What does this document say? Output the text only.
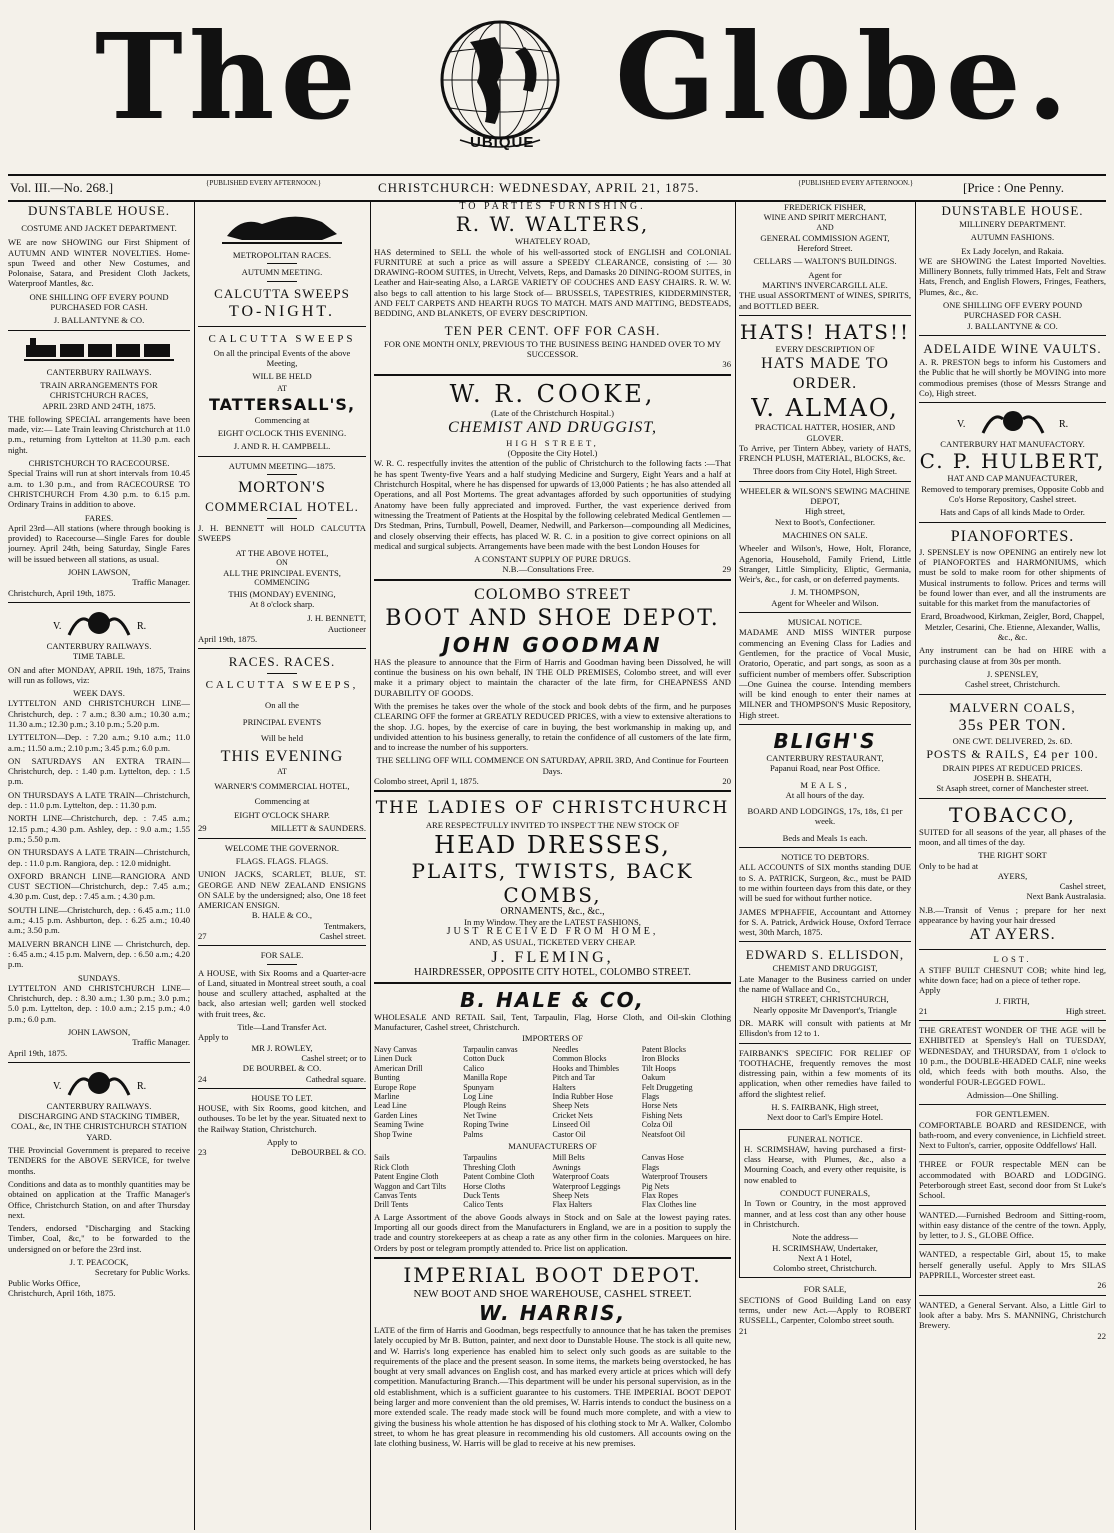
The	UBIQUE Globe.
Vol. III.—No. 268.]	{PUBLISHED EVERY AFTERNOON.}	CHRISTCHURCH: WEDNESDAY, APRIL 21, 1875.	{PUBLISHED EVERY AFTERNOON.}	[Price : One Penny.
DUNSTABLE HOUSE.
COSTUME AND JACKET DEPARTMENT.
WE are now SHOWING our First Shipment of AUTUMN AND WINTER NOVELTIES. Home-spun Tweed and other New Costumes, and Polonaise, Satara, and President Cloth Jackets, Waterproof Mantles, &c.
ONE SHILLING OFF EVERY POUND PURCHASED FOR CASH.
J. BALLANTYNE & CO.
CANTERBURY RAILWAYS.
TRAIN ARRANGEMENTS FOR CHRISTCHURCH RACES,
APRIL 23RD AND 24TH, 1875.
THE following SPECIAL arrangements have been made, viz:— Late Train leaving Christchurch at 11.0 p.m., returning from Lyttelton at 11.30 p.m. each night.
CHRISTCHURCH TO RACECOURSE.
Special Trains will run at short intervals from 10.45 a.m. to 1.30 p.m., and from RACECOURSE TO CHRISTCHURCH From 4.30 p.m. to 6.15 p.m. Ordinary Trains in addition to above.
FARES.
April 23rd—All stations (where through booking is provided) to Racecourse—Single Fares for double journey. April 24th, being Saturday, Single Fares will be issued between all stations, as usual.
JOHN LAWSON,
Traffic Manager.
Christchurch, April 19th, 1875.
V.	R.
CANTERBURY RAILWAYS.
TIME TABLE.
ON and after MONDAY, APRIL 19th, 1875, Trains will run as follows, viz:
WEEK DAYS.
LYTTELTON AND CHRISTCHURCH LINE—Christchurch, dep. : 7 a.m.; 8.30 a.m.; 10.30 a.m.; 11.30 a.m.; 12.30 p.m.; 3.10 p.m.; 5.20 p.m.
LYTTELTON—Dep. : 7.20 a.m.; 9.10 a.m.; 11.0 a.m.; 11.50 a.m.; 2.10 p.m.; 3.45 p.m.; 6.0 p.m.
ON SATURDAYS AN EXTRA TRAIN—Christchurch, dep. : 1.40 p.m. Lyttelton, dep. : 1.5 p.m.
ON THURSDAYS A LATE TRAIN—Christchurch, dep. : 11.0 p.m. Lyttelton, dep. : 11.30 p.m.
NORTH LINE—Christchurch, dep. : 7.45 a.m.; 12.15 p.m.; 4.30 p.m. Ashley, dep. : 9.0 a.m.; 1.55 p.m.; 5.50 p.m.
ON THURSDAYS A LATE TRAIN—Christchurch, dep. : 11.0 p.m. Rangiora, dep. : 12.0 midnight.
OXFORD BRANCH LINE—RANGIORA AND CUST SECTION—Christchurch, dep.: 7.45 a.m.; 4.30 p.m. Cust, dep. : 7.45 a.m. ; 4.30 p.m.
SOUTH LINE—Christchurch, dep. : 6.45 a.m.; 11.0 a.m.; 4.15 p.m. Ashburton, dep. : 6.25 a.m.; 10.40 a.m.; 3.50 p.m.
MALVERN BRANCH LINE — Christchurch, dep. : 6.45 a.m.; 4.15 p.m. Malvern, dep. : 6.50 a.m.; 4.20 p.m.
SUNDAYS.
LYTTELTON AND CHRISTCHURCH LINE—Christchurch, dep. : 8.30 a.m.; 1.30 p.m.; 3.0 p.m.; 5.0 p.m. Lyttelton, dep. : 10.0 a.m.; 2.15 p.m.; 4.0 p.m.; 6.0 p.m.
JOHN LAWSON,
Traffic Manager.
April 19th, 1875.
V.	R.
CANTERBURY RAILWAYS.
DISCHARGING AND STACKING TIMBER, COAL, &c, IN THE CHRISTCHURCH STATION YARD.
THE Provincial Government is prepared to receive TENDERS for the ABOVE SERVICE, for twelve months.
Conditions and data as to monthly quantities may be obtained on application at the Traffic Manager's Office, Christchurch Station, on and after Thursday next.
Tenders, endorsed "Discharging and Stacking Timber, Coal, &c," to be forwarded to the undersigned on or before the 23rd inst.
J. T. PEACOCK,
Secretary for Public Works.
Public Works Office,
Christchurch, April 16th, 1875.
METROPOLITAN RACES.
AUTUMN MEETING.
CALCUTTA SWEEPS
TO-NIGHT.
CALCUTTA SWEEPS
On all the principal Events of the above Meeting,
WILL BE HELD
AT
TATTERSALL'S,
Commencing at
EIGHT O'CLOCK THIS EVENING.
J. AND R. H. CAMPBELL.
AUTUMN MEETING—1875.
MORTON'S
COMMERCIAL HOTEL.
J. H. BENNETT will HOLD CALCUTTA SWEEPS
AT THE ABOVE HOTEL,
ON
ALL THE PRINCIPAL EVENTS,
COMMENCING
THIS (MONDAY) EVENING,
At 8 o'clock sharp.
J. H. BENNETT,
Auctioneer
April 19th, 1875.
RACES. RACES.
CALCUTTA SWEEPS,
On all the
PRINCIPAL EVENTS
Will be held
THIS EVENING
AT
WARNER'S COMMERCIAL HOTEL,
Commencing at
EIGHT O'CLOCK SHARP.
29	MILLETT & SAUNDERS.
WELCOME THE GOVERNOR.
FLAGS. FLAGS. FLAGS.
UNION JACKS, SCARLET, BLUE, ST. GEORGE AND NEW ZEALAND ENSIGNS ON SALE by the undersigned; also, One 18 feet AMERICAN ENSIGN.
B. HALE & CO.,
Tentmakers,
27	Cashel street.
FOR SALE.
A HOUSE, with Six Rooms and a Quarter-acre of Land, situated in Montreal street south, a coal house and scullery attached, asphalted at the back, also artesian well; garden well stocked with fruit trees, &c.
Title—Land Transfer Act.
Apply to
MR J. ROWLEY,
Cashel street; or to
DE BOURBEL & CO.
24	Cathedral square.
HOUSE TO LET.
HOUSE, with Six Rooms, good kitchen, and outhouses. To be let by the year. Situated next to the Railway Station, Christchurch.
Apply to
23	DeBOURBEL & CO.
TO PARTIES FURNISHING.
R. W. WALTERS,
WHATELEY ROAD,
HAS determined to SELL the whole of his well-assorted stock of ENGLISH and COLONIAL FURNITURE at such a price as will assure a SPEEDY CLEARANCE, consisting of :— 30 DRAWING-ROOM SUITES, in Utrecht, Velvets, Reps, and Damasks 20 DINING-ROOM SUITES, in Leather and Hair-seating Also, a LARGE VARIETY OF COUCHES AND EASY CHAIRS. R. W. W. also begs to call attention to his large Stock of— BRUSSELS, TAPESTRIES, KIDDERMINSTER, AND FELT CARPETS AND HEARTH RUGS TO MATCH. MATS AND MATTING, BEDSTEADS, BEDDING, AND BLANKETS, OF EVERY DESCRIPTION.
TEN PER CENT. OFF FOR CASH.
FOR ONE MONTH ONLY, PREVIOUS TO THE BUSINESS BEING HANDED OVER TO MY SUCCESSOR.
36
W. R. COOKE,
(Late of the Christchurch Hospital.)
CHEMIST AND DRUGGIST,
HIGH STREET,
(Opposite the City Hotel.)
W. R. C. respectfully invites the attention of the public of Christchurch to the following facts :—That he has spent Twenty-five Years and a half studying Medicine and Surgery, Eight Years and a half at Christchurch Hospital, where he has dispensed for upwards of 13,000 Patients ; he has also attended all Operations, and all Post Mortems. The great advantages afforded by such opportunities of studying Anatomy have been fully appreciated and improved. Further, the vast experience derived from witnessing the Treatment of Patients at the Hospital by the following celebrated Medical Gentlemen —Drs Stedman, Prins, Turnbull, Powell, Deamer, Nedwill, and Parkerson—compounding all Medicines, and closely observing their effects, has placed W. R. C. in a position to give correct opinions on all medical and surgical subjects. Arrangements have been made with the best London Houses for
A CONSTANT SUPPLY OF PURE DRUGS.
N.B.—Consultations Free.	29
COLOMBO STREET
BOOT AND SHOE DEPOT.
JOHN GOODMAN
HAS the pleasure to announce that the Firm of Harris and Goodman having been Dissolved, he will continue the business on his own behalf, IN THE OLD PREMISES, Colombo street, and will ever make it a primary object to maintain the character of the late firm, for CHEAPNESS AND DURABILITY OF GOODS.
With the premises he takes over the whole of the stock and book debts of the firm, and he purposes CLEARING OFF the former at GREATLY REDUCED PRICES, with a view to extensive alterations to the shop. J.G. hopes, by the exercise of care in buying, the best workmanship in making up, and undivided attention to his business generally, to retain the confidence of all customers of the late firm, and to increase the number of his supporters.
THE SELLING OFF WILL COMMENCE ON SATURDAY, APRIL 3RD, And Continue for Fourteen Days.
Colombo street, April 1, 1875.	20
THE LADIES OF CHRISTCHURCH
ARE RESPECTFULLY INVITED TO INSPECT THE NEW STOCK OF
HEAD DRESSES,
PLAITS, TWISTS, BACK COMBS,
ORNAMENTS, &c., &c.,
In my Window. They are the LATEST FASHIONS,
JUST RECEIVED FROM HOME,
AND, AS USUAL, TICKETED VERY CHEAP.
J. FLEMING,
HAIRDRESSER, OPPOSITE CITY HOTEL, COLOMBO STREET.
B. HALE & CO,
WHOLESALE AND RETAIL Sail, Tent, Tarpaulin, Flag, Horse Cloth, and Oil-skin Clothing Manufacturer, Cashel street, Christchurch.
IMPORTERS OF
Navy Canvas	Tarpaulin canvas	Needles	Patent Blocks
Linen Duck	Cotton Duck	Common Blocks	Iron Blocks
American Drill	Calico	Hooks and Thimbles	Tilt Hoops
Bunting	Manilla Rope	Pitch and Tar	Oakum
Europe Rope	Spunyarn	Halters	Felt Druggeting
Marline	Log Line	India Rubber Hose	Flags
Lead Line	Plough Reins	Sheep Nets	Horse Nets
Garden Lines	Net Twine	Cricket Nets	Fishing Nets
Seaming Twine	Roping Twine	Linseed Oil	Colza Oil
Shop Twine	Palms	Castor Oil	Neatsfoot Oil
MANUFACTURERS OF
Sails	Tarpaulins	Mill Belts	Canvas Hose
Rick Cloth	Threshing Cloth	Awnings	Flags
Patent Engine Cloth	Patent Combine Cloth	Waterproof Coats	Waterproof Trousers
Waggon and Cart Tilts	Horse Cloths	Waterproof Leggings	Pig Nets
Canvas Tents	Duck Tents	Sheep Nets	Flax Ropes
Drill Tents	Calico Tents	Flax Halters	Flax Clothes line
A Large Assortment of the above Goods always in Stock and on Sale at the lowest paying rates. Importing all our goods direct from the Manufacturers in England, we are in a position to supply the trade and country storekeepers at as cheap a rate as any other firm in the colonies. Marquees on hire. Orders by post or telegram promptly attended to. Price list on application.
IMPERIAL BOOT DEPOT.
NEW BOOT AND SHOE WAREHOUSE, CASHEL STREET.
W. HARRIS,
LATE of the firm of Harris and Goodman, begs respectfully to announce that he has taken the premises lately occupied by Mr B. Button, painter, and next door to Dunstable House. The stock is all quite new, and W. Harris's long experience has enabled him to select only such goods as are suitable to the requirements of the place and the present season. In some items, the markets being overstocked, he has bought at very small advances on English cost, and has marked every article at prices which will defy competition. Manufacturing Branch.—This department will be under his personal supervision, as in the old establishment, which is a sufficient guarantee to his customers. THE IMPERIAL BOOT DEPOT being larger and more convenient than the old premises, W. Harris intends to conduct the business on a more extended scale. The ready made stock will be found much more complete, and with a view to giving the business his whole attention he has disposed of his clothing stock to Mr A. Walker, Colombo street, to whom he has great pleasure in recommending his old customers. All accounts owing on the late clothing business, W. Harris will be glad to receive at his new premises.
FREDERICK FISHER,
WINE AND SPIRIT MERCHANT,
AND
GENERAL COMMISSION AGENT,
Hereford Street.
CELLARS — WALTON'S BUILDINGS.
Agent for
MARTIN'S INVERCARGILL ALE.
THE usual ASSORTMENT of WINES, SPIRITS, and BOTTLED BEER.
HATS! HATS!!
EVERY DESCRIPTION OF
HATS MADE TO ORDER.
V. ALMAO,
PRACTICAL HATTER, HOSIER, AND GLOVER.
To Arrive, per Tintern Abbey, variety of HATS, FRENCH PLUSH, MATERIAL, BLOCKS, &c.
Three doors from City Hotel, High Street.
WHEELER & WILSON'S SEWING MACHINE DEPOT,
High street,
Next to Boot's, Confectioner.
MACHINES ON SALE.
Wheeler and Wilson's, Howe, Holt, Florance, Agenoria, Household, Family Friend, Little Stranger, Little Simplicity, Eliptic, Germania, Weir's, &c., for cash, or on deferred payments.
J. M. THOMPSON,
Agent for Wheeler and Wilson.
MUSICAL NOTICE.
MADAME AND MISS WINTER purpose commencing an Evening Class for Ladies and Gentlemen, for the practice of Vocal Music, Oratorio, Operatic, and part songs, as soon as a sufficient number of members offer. Subscription—One Guinea the course. Intending members will be kind enough to enter their names at MILNER and THOMPSON'S Music Repository, High street.
BLIGH'S
CANTERBURY RESTAURANT,
Papanui Road, near Post Office.
MEALS,
At all hours of the day.
BOARD AND LODGINGS, 17s, 18s, £1 per week.
Beds and Meals 1s each.
NOTICE TO DEBTORS.
ALL ACCOUNTS of SIX months standing DUE to S. A. PATRICK, Surgeon, &c., must be PAID to me within fourteen days from this date, or they will be sued for without further notice.
JAMES M'PHAFFIE, Accountant and Attorney for S. A. Patrick, Ardwick House, Oxford Terrace west, 30th March, 1875.
EDWARD S. ELLISDON,
CHEMIST AND DRUGGIST,
Late Manager to the Business carried on under the name of Wallace and Co.,
HIGH STREET, CHRISTCHURCH,
Nearly opposite Mr Davenport's, Triangle
DR. MARK will consult with patients at Mr Ellisdon's from 12 to 1.
FAIRBANK'S SPECIFIC FOR RELIEF OF TOOTHACHE, frequently removes the most distressing pain, within a few moments of its application, when other remedies have failed to afford the slightest relief.
H. S. FAIRBANK, High street,
Next door to Carl's Empire Hotel.
FUNERAL NOTICE.
H. SCRIMSHAW, having purchased a first-class Hearse, with Plumes, &c., also a Mourning Coach, and every other requisite, is now enabled to
CONDUCT FUNERALS,
In Town or Country, in the most approved manner, and at less cost than any other house in Christchurch.
Note the address—
H. SCRIMSHAW, Undertaker,
Next A 1 Hotel,
Colombo street, Christchurch.
FOR SALE,
SECTIONS of Good Building Land on easy terms, under new Act.—Apply to ROBERT RUSSELL, Carpenter, Colombo street south.
21
DUNSTABLE HOUSE.
MILLINERY DEPARTMENT.
AUTUMN FASHIONS.
Ex Lady Jocelyn, and Rakaia.
WE are SHOWING the Latest Imported Novelties. Millinery Bonnets, fully trimmed Hats, Felt and Straw Hats, French, and English Flowers, Fringes, Feathers, Plumes, &c., &c.
ONE SHILLING OFF EVERY POUND PURCHASED FOR CASH.
J. BALLANTYNE & CO.
ADELAIDE WINE VAULTS.
A. R. PRESTON begs to inform his Customers and the Public that he will shortly be MOVING into more commodious premises (those of Messrs Strange and Co), High street.
V.	R.
CANTERBURY HAT MANUFACTORY.
C. P. HULBERT,
HAT AND CAP MANUFACTURER,
Removed to temporary premises, Opposite Cobb and Co's Horse Repository, Cashel street.
Hats and Caps of all kinds Made to Order.
PIANOFORTES.
J. SPENSLEY is now OPENING an entirely new lot of PIANOFORTES and HARMONIUMS, which must be sold to make room for other shipments of Musical instruments to follow. Prices and terms will be found lower than ever, and all the instruments are suitable for this market from the manufactories of
Erard, Broadwood, Kirkman, Zeigler, Bord, Chappel, Metzler, Cesarini, Che. Etienne, Alexander, Wallis, &c., &c.
Any instrument can be had on HIRE with a purchasing clause at from 30s per month.
J. SPENSLEY,
Cashel street, Christchurch.
MALVERN COALS,
35s PER TON.
ONE CWT. DELIVERED, 2s. 6D.
POSTS & RAILS, £4 per 100.
DRAIN PIPES AT REDUCED PRICES.
JOSEPH B. SHEATH,
St Asaph street, corner of Manchester street.
TOBACCO,
SUITED for all seasons of the year, all phases of the moon, and all times of the day.
THE RIGHT SORT
Only to be had at
AYERS,
Cashel street,
Next Bank Australasia.
N.B.—Transit of Venus ; prepare for her next appearance by having your hair dressed
AT AYERS.
LOST.
A STIFF BUILT CHESNUT COB; white hind leg, white down face; had on a piece of tether rope.
Apply
J. FIRTH,
21	High street.
THE GREATEST WONDER OF THE AGE will be EXHIBITED at Spensley's Hall on TUESDAY, WEDNESDAY, and THURSDAY, from 1 o'clock to 10 p.m., the DOUBLE-HEADED CALF, nine weeks old, which feeds with both mouths. Also, the wonderful FOUR-LEGGED FOWL.
Admission—One Shilling.
FOR GENTLEMEN.
COMFORTABLE BOARD and RESIDENCE, with bath-room, and every convenience, in Lichfield street. Next to Fulton's, carrier, opposite Oddfellows' Hall.
THREE or FOUR respectable MEN can be accommodated with BOARD and LODGING. Peterborough street East, second door from St Luke's School.
WANTED.—Furnished Bedroom and Sitting-room, within easy distance of the centre of the town. Apply, by letter, to J. S., GLOBE Office.
WANTED, a respectable Girl, about 15, to make herself generally useful. Apply to Mrs SILAS PAPPRILL, Worcester street east.
26
WANTED, a General Servant. Also, a Little Girl to look after a baby. Mrs S. MANNING, Christchurch Brewery.
22
